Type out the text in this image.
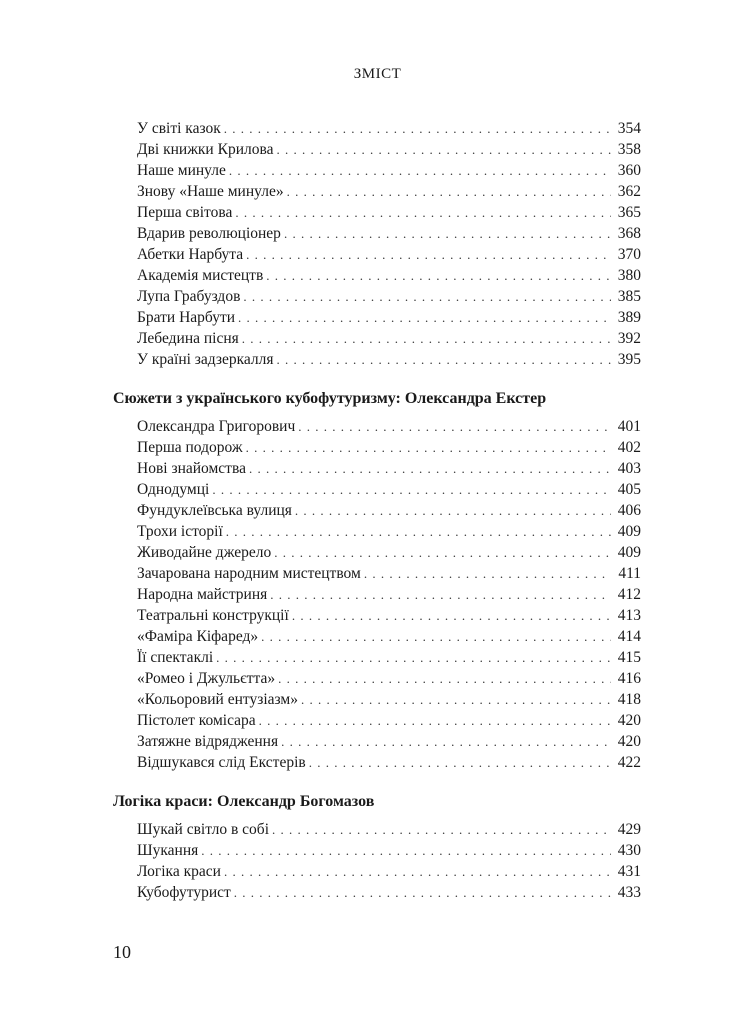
ЗМІСТ
У світі казок . . .	354
Дві книжки Крилова . . .	358
Наше минуле . . .	360
Знову «Наше минуле» . . .	362
Перша світова . . .	365
Вдарив революціонер . . .	368
Абетки Нарбута . . .	370
Академія мистецтв . . .	380
Лупа Грабуздов . . .	385
Брати Нарбути . . .	389
Лебедина пісня . . .	392
У країні задзеркалля . . .	395
Сюжети з українського кубофутуризму: Олександра Екстер
Олександра Григорович . . .	401
Перша подорож . . .	402
Нові знайомства . . .	403
Однодумці . . .	405
Фундуклеївська вулиця . . .	406
Трохи історії . . .	409
Живодайне джерело . . .	409
Зачарована народним мистецтвом . . .	411
Народна майстриня . . .	412
Театральні конструкції . . .	413
«Фаміра Кіфаред» . . .	414
Її спектаклі . . .	415
«Ромео і Джульєтта» . . .	416
«Кольоровий ентузіазм» . . .	418
Пістолет комісара . . .	420
Затяжне відрядження . . .	420
Відшукався слід Екстерів . . .	422
Логіка краси: Олександр Богомазов
Шукай світло в собі . . .	429
Шукання . . .	430
Логіка краси . . .	431
Кубофутурист . . .	433
10
